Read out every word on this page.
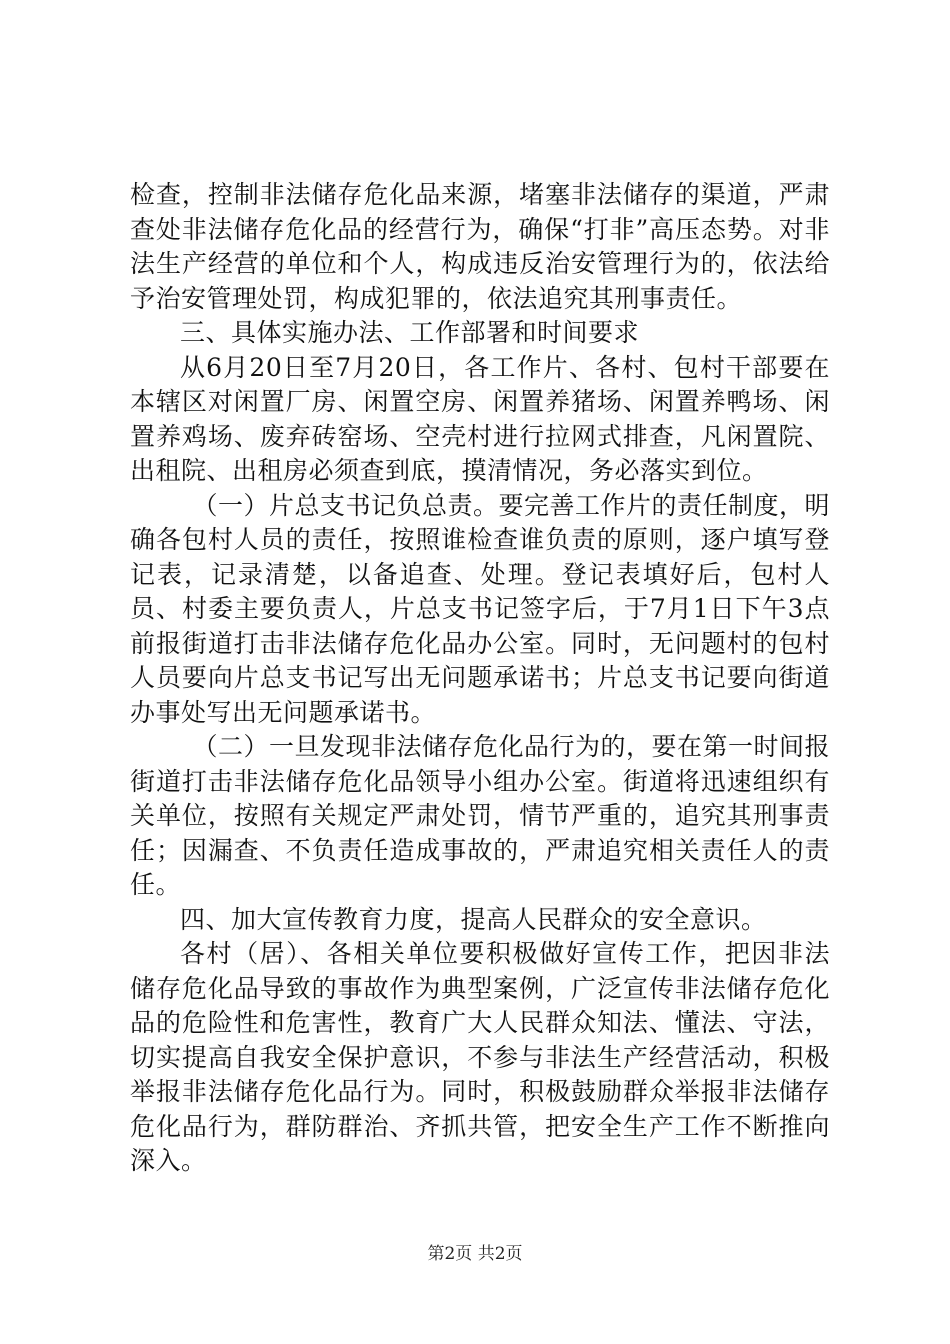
检查，控制非法储存危化品来源，堵塞非法储存的渠道，严肃查处非法储存危化品的经营行为，确保“打非”高压态势。对非法生产经营的单位和个人，构成违反治安管理行为的，依法给予治安管理处罚，构成犯罪的，依法追究其刑事责任。

三、具体实施办法、工作部署和时间要求

从6月20日至7月20日，各工作片、各村、包村干部要在本辖区对闲置厂房、闲置空房、闲置养猪场、闲置养鸭场、闲置养鸡场、废弃砖窑场、空壳村进行拉网式排查，凡闲置院、出租院、出租房必须查到底，摸清情况，务必落实到位。

（一）片总支书记负总责。要完善工作片的责任制度，明确各包村人员的责任，按照谁检查谁负责的原则，逐户填写登记表，记录清楚，以备追查、处理。登记表填好后，包村人员、村委主要负责人，片总支书记签字后，于7月1日下午3点前报街道打击非法储存危化品办公室。同时，无问题村的包村人员要向片总支书记写出无问题承诺书；片总支书记要向街道办事处写出无问题承诺书。

（二）一旦发现非法储存危化品行为的，要在第一时间报街道打击非法储存危化品领导小组办公室。街道将迅速组织有关单位，按照有关规定严肃处罚，情节严重的，追究其刑事责任；因漏查、不负责任造成事故的，严肃追究相关责任人的责任。

四、加大宣传教育力度，提高人民群众的安全意识。

各村（居）、各相关单位要积极做好宣传工作，把因非法储存危化品导致的事故作为典型案例，广泛宣传非法储存危化品的危险性和危害性，教育广大人民群众知法、懂法、守法，切实提高自我安全保护意识，不参与非法生产经营活动，积极举报非法储存危化品行为。同时，积极鼓励群众举报非法储存危化品行为，群防群治、齐抓共管，把安全生产工作不断推向深入。

第2页 共2页
